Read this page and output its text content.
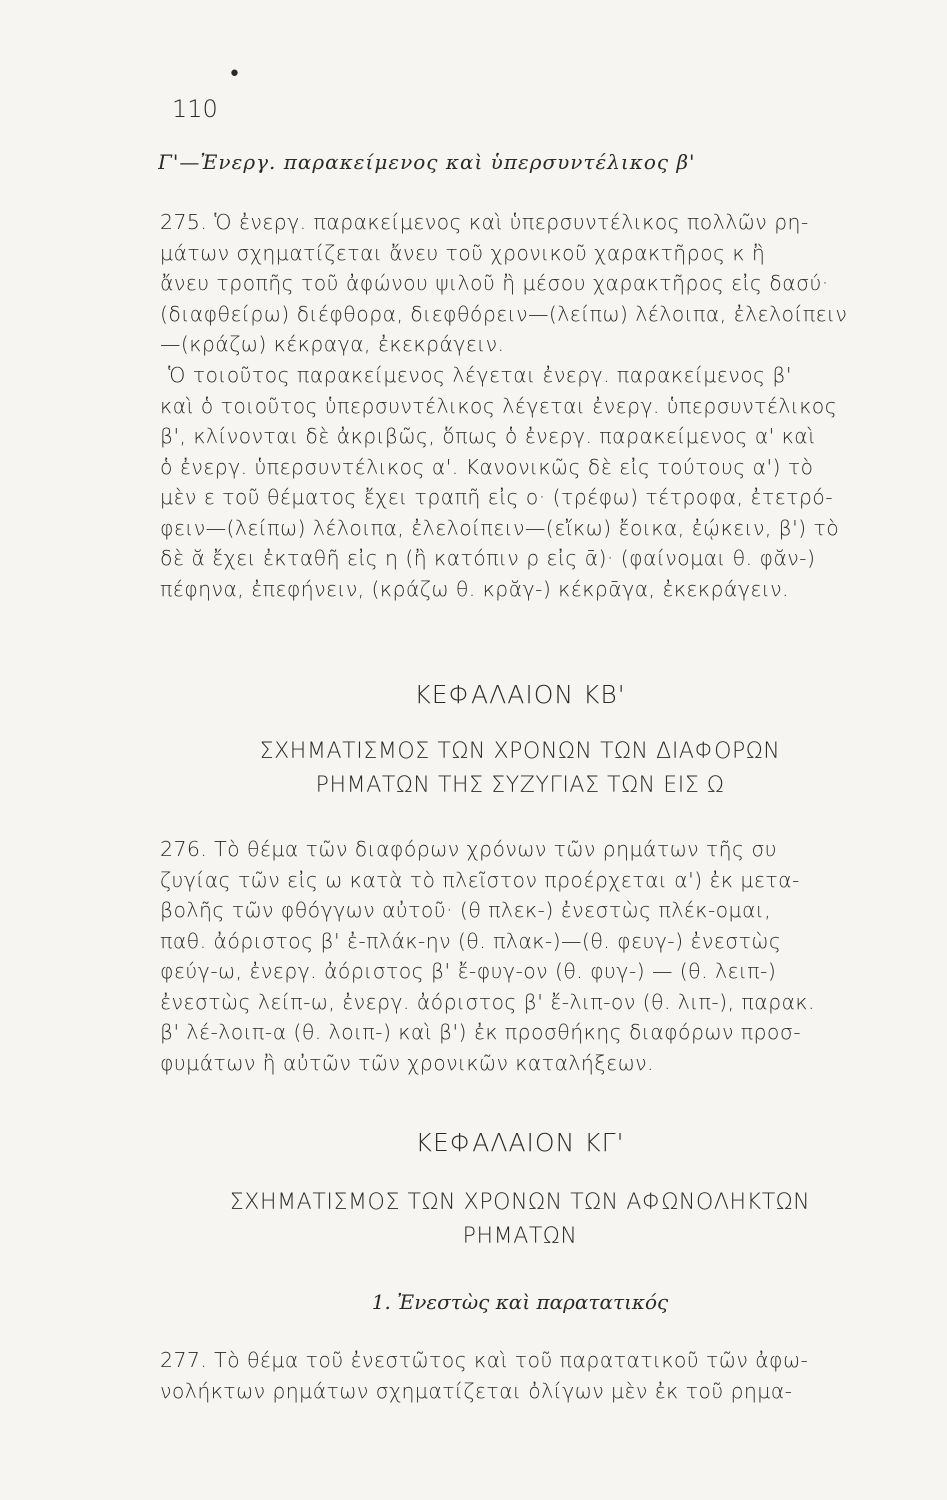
•
110
Γ'—Ἐνεργ. παρακείμενος καὶ ὑπερσυντέλικος β'
275. Ὁ ἐνεργ. παρακείμενος καὶ ὑπερσυντέλικος πολλῶν ρη-
μάτων σχηματίζεται ἄνευ τοῦ χρονικοῦ χαρακτῆρος κ ἢ
ἄνευ τροπῆς τοῦ ἀφώνου ψιλοῦ ἢ μέσου χαρακτῆρος εἰς δασύ·
(διαφθείρω) διέφθορα, διεφθόρειν—(λείπω) λέλοιπα, ἐλελοίπειν
—(κράζω) κέκραγα, ἐκεκράγειν.
Ὁ τοιοῦτος παρακείμενος λέγεται ἐνεργ. παρακείμενος β'
καὶ ὁ τοιοῦτος ὑπερσυντέλικος λέγεται ἐνεργ. ὑπερσυντέλικος
β', κλίνονται δὲ ἀκριβῶς, ὅπως ὁ ἐνεργ. παρακείμενος α' καὶ
ὁ ἐνεργ. ὑπερσυντέλικος α'. Κανονικῶς δὲ εἰς τούτους α') τὸ
μὲν ε τοῦ θέματος ἔχει τραπῆ εἰς ο· (τρέφω) τέτροφα, ἐτετρό-
φειν—(λείπω) λέλοιπα, ἐλελοίπειν—(εἴκω) ἔοικα, ἐῴκειν, β') τὸ
δὲ ᾰ ἔχει ἐκταθῆ εἰς η (ἢ κατόπιν ρ εἰς ᾱ)· (φαίνομαι θ. φᾰν-)
πέφηνα, ἐπεφήνειν, (κράζω θ. κρᾰγ-) κέκρᾱγα, ἐκεκράγειν.
ΚΕΦΑΛΑΙΟΝ ΚΒ'
ΣΧΗΜΑΤΙΣΜΟΣ ΤΩΝ ΧΡΟΝΩΝ ΤΩΝ ΔΙΑΦΟΡΩΝ
ΡΗΜΑΤΩΝ ΤΗΣ ΣΥΖΥΓΙΑΣ ΤΩΝ ΕΙΣ Ω
276. Τὸ θέμα τῶν διαφόρων χρόνων τῶν ρημάτων τῆς συ
ζυγίας τῶν εἰς ω κατὰ τὸ πλεῖστον προέρχεται α') ἐκ μετα-
βολῆς τῶν φθόγγων αὐτοῦ· (θ πλεκ-) ἐνεστὼς πλέκ-ομαι,
παθ. ἀόριστος β' ἐ-πλάκ-ην (θ. πλακ-)—(θ. φευγ-) ἐνεστὼς
φεύγ-ω, ἐνεργ. ἀόριστος β' ἔ-φυγ-ον (θ. φυγ-) — (θ. λειπ-)
ἐνεστὼς λείπ-ω, ἐνεργ. ἀόριστος β' ἔ-λιπ-ον (θ. λιπ-), παρακ.
β' λέ-λοιπ-α (θ. λοιπ-) καὶ β') ἐκ προσθήκης διαφόρων προσ-
φυμάτων ἢ αὐτῶν τῶν χρονικῶν καταλήξεων.
ΚΕΦΑΛΑΙΟΝ ΚΓ'
ΣΧΗΜΑΤΙΣΜΟΣ ΤΩΝ ΧΡΟΝΩΝ ΤΩΝ ΑΦΩΝΟΛΗΚΤΩΝ
ΡΗΜΑΤΩΝ
1. Ἐνεστὼς καὶ παρατατικός
277. Τὸ θέμα τοῦ ἐνεστῶτος καὶ τοῦ παρατατικοῦ τῶν ἀφω-
νολήκτων ρημάτων σχηματίζεται ὀλίγων μὲν ἐκ τοῦ ρημα-
